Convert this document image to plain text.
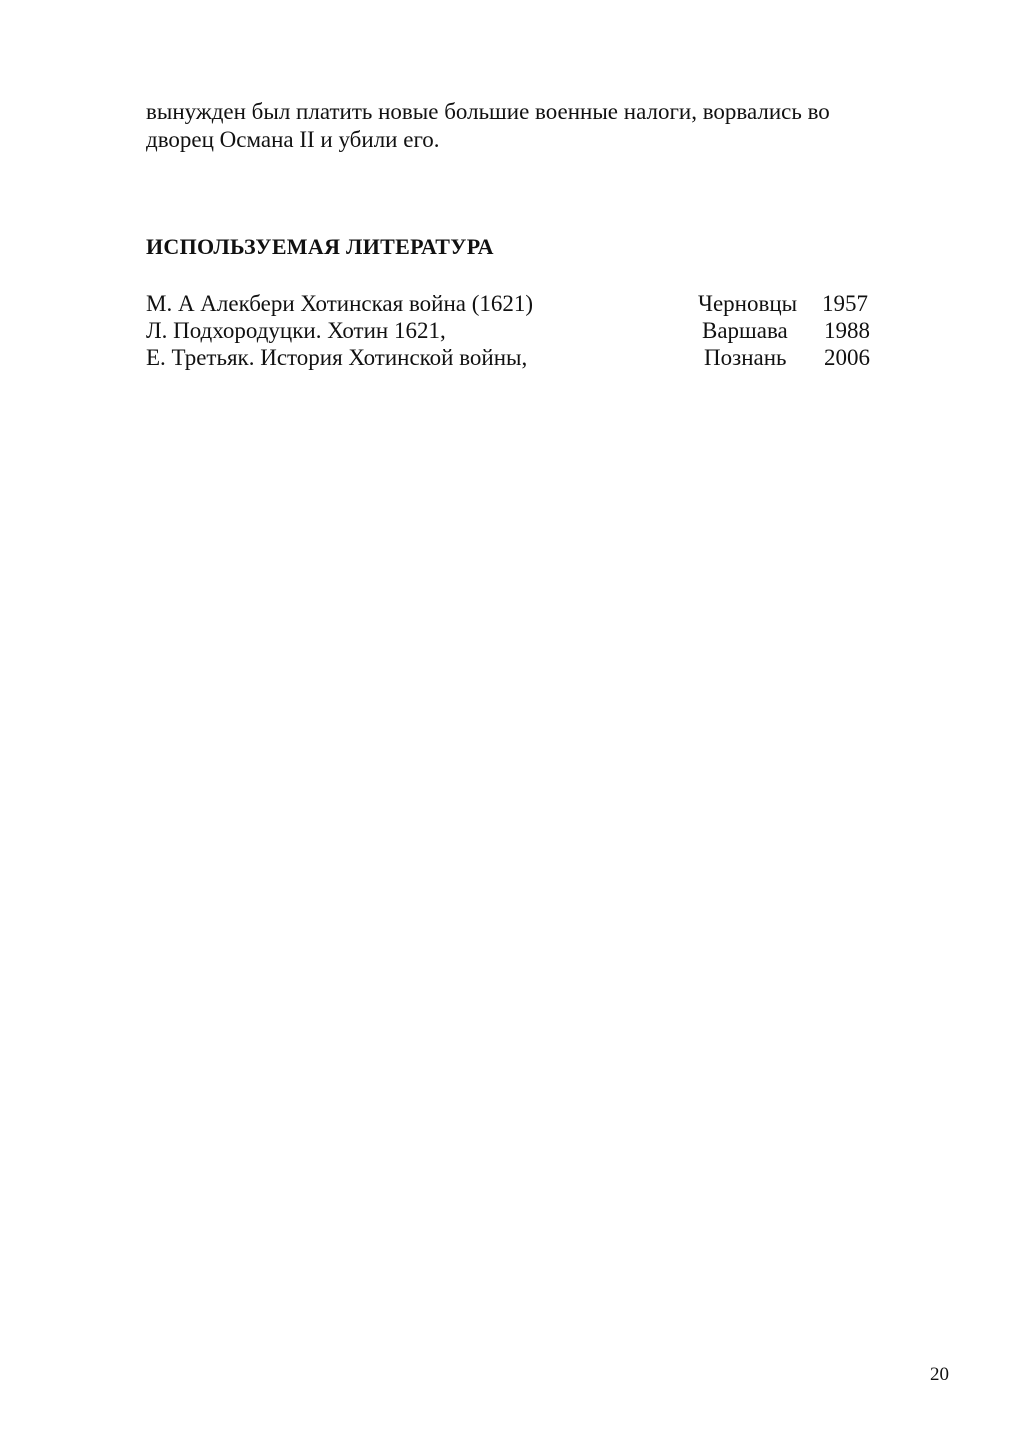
вынужден был платить новые большие военные налоги, ворвались во
дворец Османа II и убили его.
ИСПОЛЬЗУЕМАЯ ЛИТЕРАТУРА
М. А Алекбери Хотинская война (1621)	Черновцы 1957
Л. Подхородуцки. Хотин 1621,	Варшава 1988
Е. Третьяк. История Хотинской войны,	Познань 2006
20
